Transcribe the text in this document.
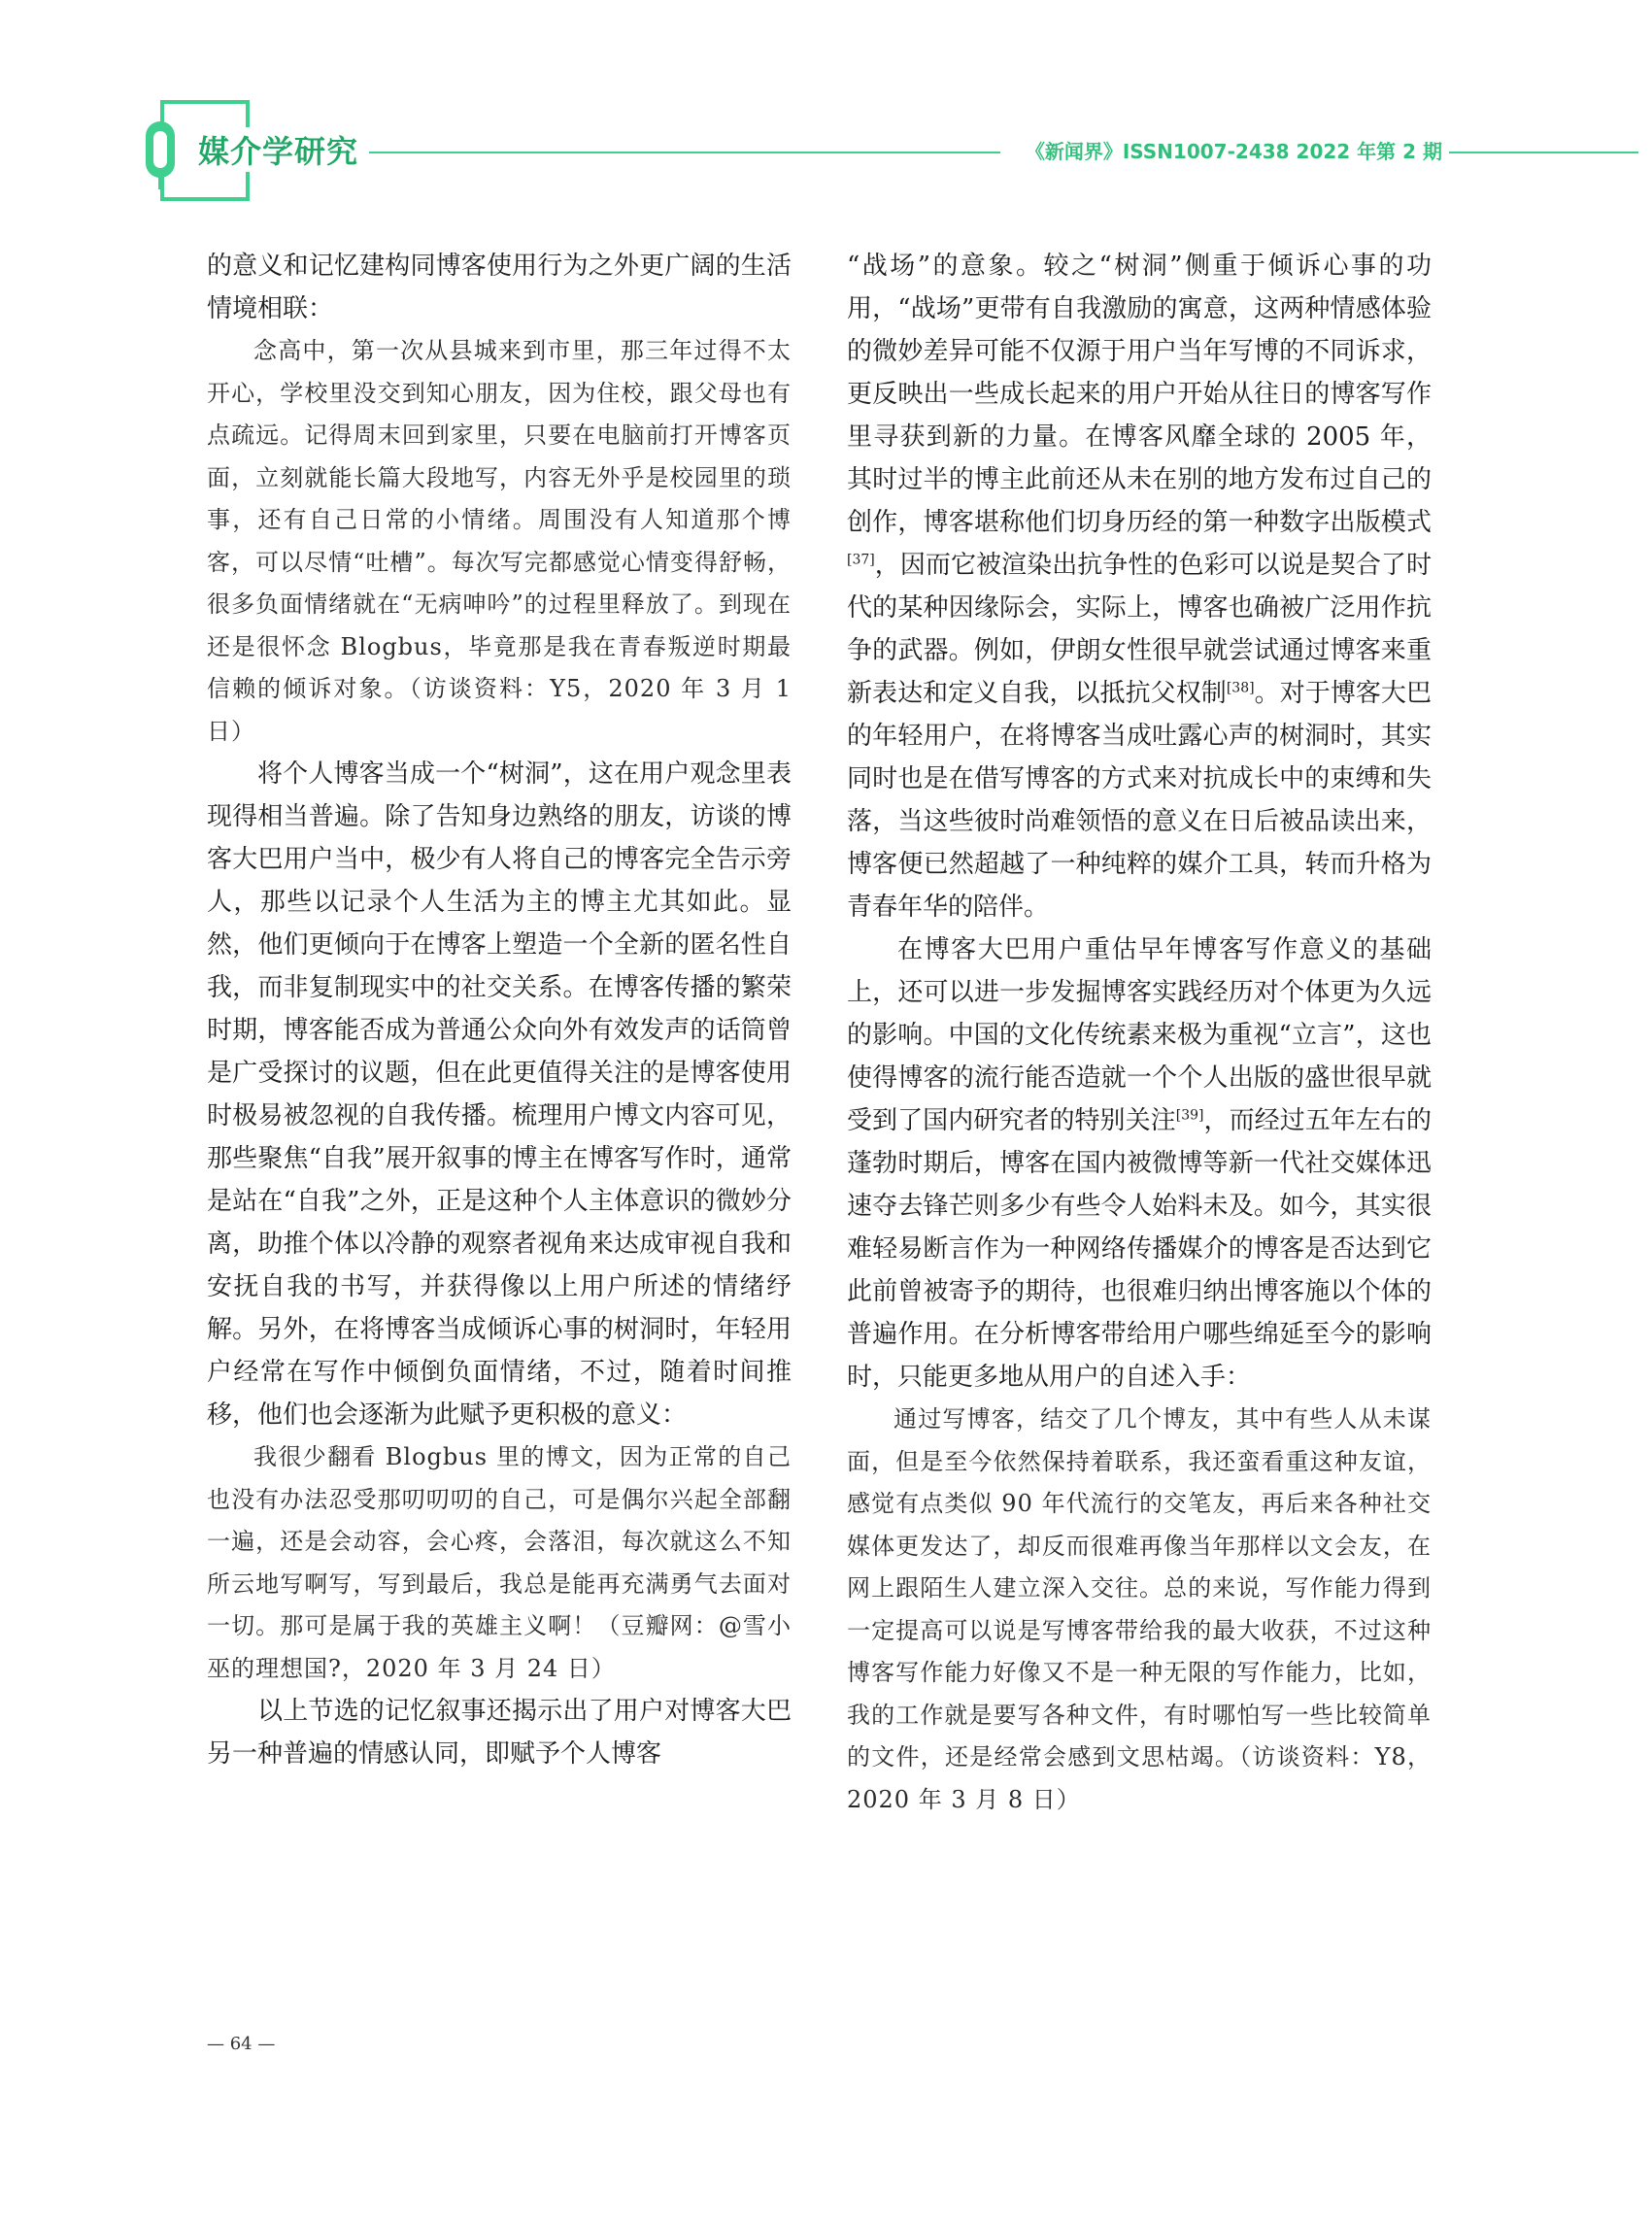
媒介学研究	《新闻界》ISSN1007-2438 2022 年第 2 期

的意义和记忆建构同博客使用行为之外更广阔的生活情境相联：

念高中，第一次从县城来到市里，那三年过得不太开心，学校里没交到知心朋友，因为住校，跟父母也有点疏远。记得周末回到家里，只要在电脑前打开博客页面，立刻就能长篇大段地写，内容无外乎是校园里的琐事，还有自己日常的小情绪。周围没有人知道那个博客，可以尽情“吐槽”。每次写完都感觉心情变得舒畅，很多负面情绪就在“无病呻吟”的过程里释放了。到现在还是很怀念 Blogbus，毕竟那是我在青春叛逆时期最信赖的倾诉对象。（访谈资料：Y5，2020 年 3 月 1 日）

将个人博客当成一个“树洞”，这在用户观念里表现得相当普遍。除了告知身边熟络的朋友，访谈的博客大巴用户当中，极少有人将自己的博客完全告示旁人，那些以记录个人生活为主的博主尤其如此。显然，他们更倾向于在博客上塑造一个全新的匿名性自我，而非复制现实中的社交关系。在博客传播的繁荣时期，博客能否成为普通公众向外有效发声的话筒曾是广受探讨的议题，但在此更值得关注的是博客使用时极易被忽视的自我传播。梳理用户博文内容可见，那些聚焦“自我”展开叙事的博主在博客写作时，通常是站在“自我”之外，正是这种个人主体意识的微妙分离，助推个体以冷静的观察者视角来达成审视自我和安抚自我的书写，并获得像以上用户所述的情绪纾解。另外，在将博客当成倾诉心事的树洞时，年轻用户经常在写作中倾倒负面情绪，不过，随着时间推移，他们也会逐渐为此赋予更积极的意义：

我很少翻看 Blogbus 里的博文，因为正常的自己也没有办法忍受那叨叨叨的自己，可是偶尔兴起全部翻一遍，还是会动容，会心疼，会落泪，每次就这么不知所云地写啊写，写到最后，我总是能再充满勇气去面对一切。那可是属于我的英雄主义啊！（豆瓣网：@雪小巫的理想国?，2020 年 3 月 24 日）

以上节选的记忆叙事还揭示出了用户对博客大巴另一种普遍的情感认同，即赋予个人博客

“战场”的意象。较之“树洞”侧重于倾诉心事的功用，“战场”更带有自我激励的寓意，这两种情感体验的微妙差异可能不仅源于用户当年写博的不同诉求，更反映出一些成长起来的用户开始从往日的博客写作里寻获到新的力量。在博客风靡全球的 2005 年，其时过半的博主此前还从未在别的地方发布过自己的创作，博客堪称他们切身历经的第一种数字出版模式[37]，因而它被渲染出抗争性的色彩可以说是契合了时代的某种因缘际会，实际上，博客也确被广泛用作抗争的武器。例如，伊朗女性很早就尝试通过博客来重新表达和定义自我，以抵抗父权制[38]。对于博客大巴的年轻用户，在将博客当成吐露心声的树洞时，其实同时也是在借写博客的方式来对抗成长中的束缚和失落，当这些彼时尚难领悟的意义在日后被品读出来，博客便已然超越了一种纯粹的媒介工具，转而升格为青春年华的陪伴。

在博客大巴用户重估早年博客写作意义的基础上，还可以进一步发掘博客实践经历对个体更为久远的影响。中国的文化传统素来极为重视“立言”，这也使得博客的流行能否造就一个个人出版的盛世很早就受到了国内研究者的特别关注[39]，而经过五年左右的蓬勃时期后，博客在国内被微博等新一代社交媒体迅速夺去锋芒则多少有些令人始料未及。如今，其实很难轻易断言作为一种网络传播媒介的博客是否达到它此前曾被寄予的期待，也很难归纳出博客施以个体的普遍作用。在分析博客带给用户哪些绵延至今的影响时，只能更多地从用户的自述入手：

通过写博客，结交了几个博友，其中有些人从未谋面，但是至今依然保持着联系，我还蛮看重这种友谊，感觉有点类似 90 年代流行的交笔友，再后来各种社交媒体更发达了，却反而很难再像当年那样以文会友，在网上跟陌生人建立深入交往。总的来说，写作能力得到一定提高可以说是写博客带给我的最大收获，不过这种博客写作能力好像又不是一种无限的写作能力，比如，我的工作就是要写各种文件，有时哪怕写一些比较简单的文件，还是经常会感到文思枯竭。（访谈资料：Y8，2020 年 3 月 8 日）

— 64 —
